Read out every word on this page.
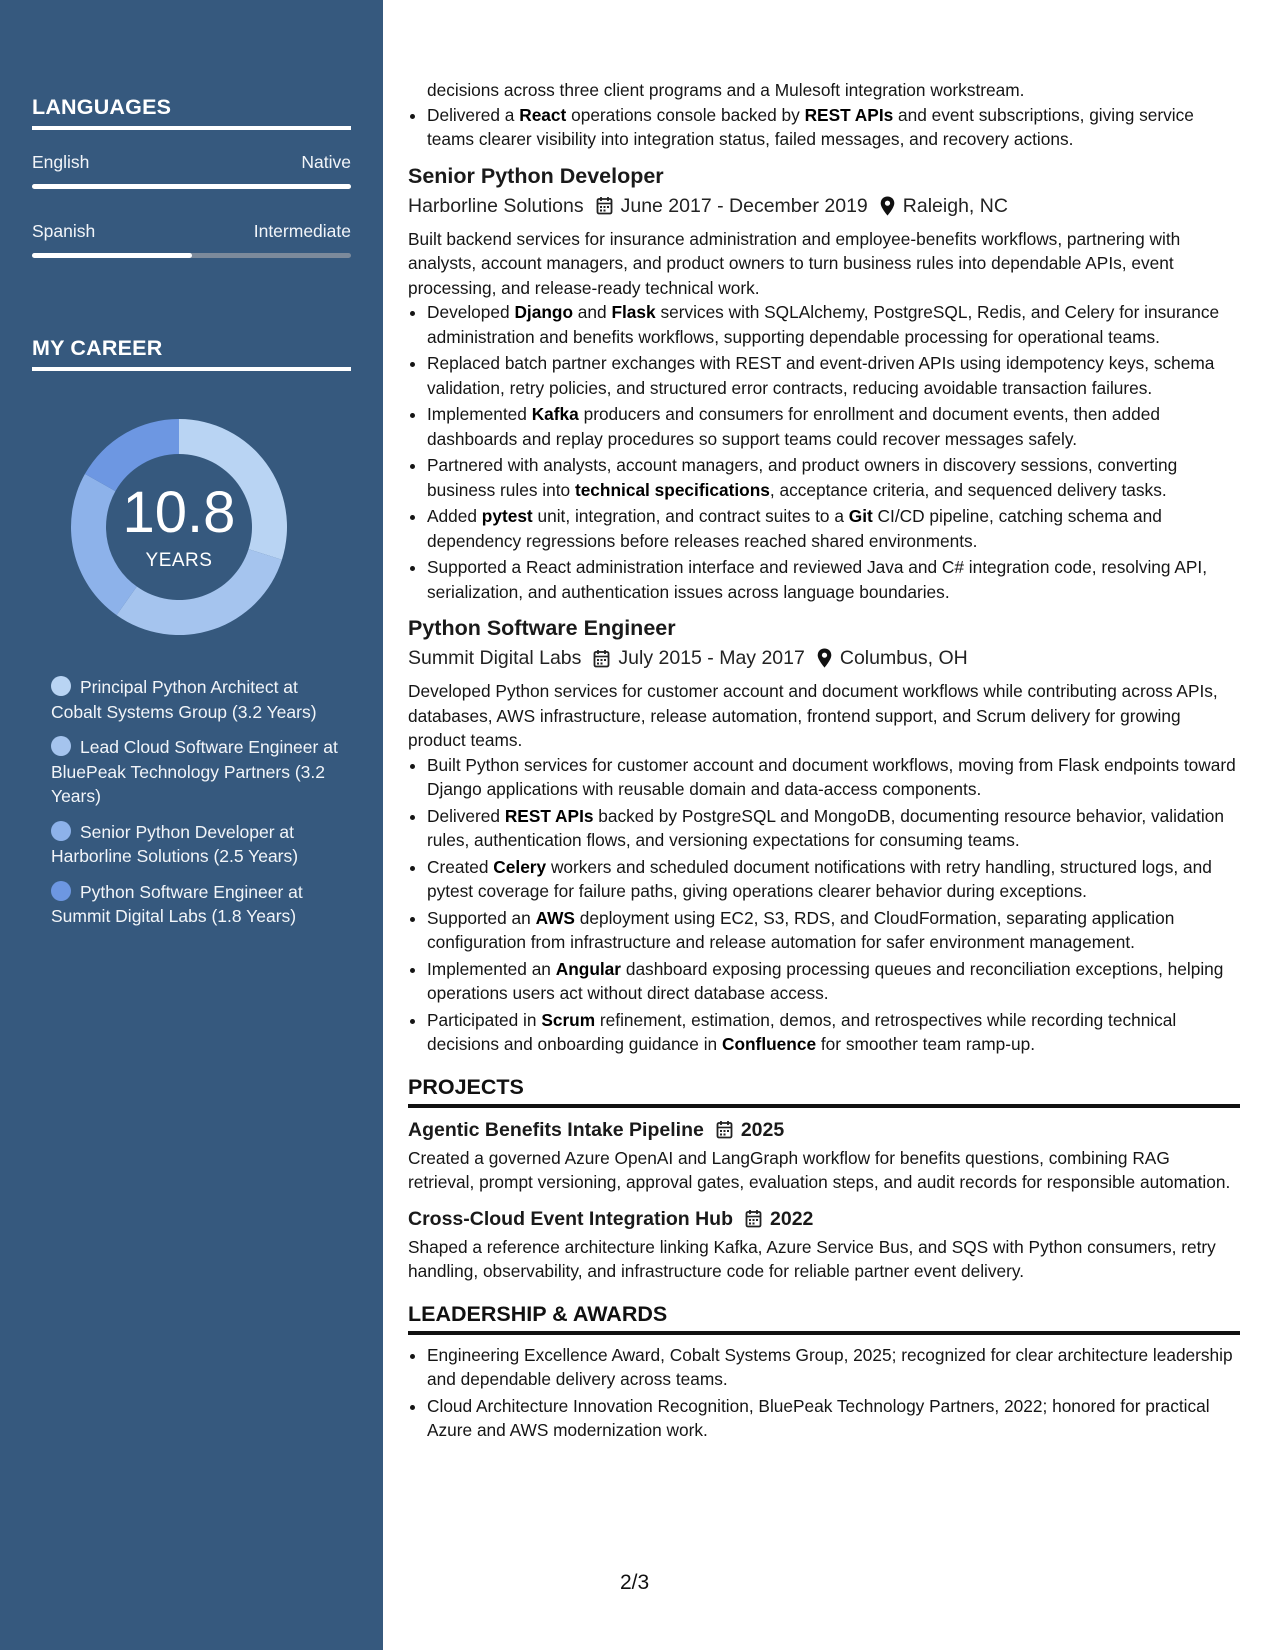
LANGUAGES
English	Native
Spanish	Intermediate
MY CAREER
10.8
YEARS
Principal Python Architect at Cobalt Systems Group (3.2 Years)
Lead Cloud Software Engineer at BluePeak Technology Partners (3.2 Years)
Senior Python Developer at Harborline Solutions (2.5 Years)
Python Software Engineer at Summit Digital Labs (1.8 Years)
decisions across three client programs and a Mulesoft integration workstream.
• Delivered a React operations console backed by REST APIs and event subscriptions, giving service teams clearer visibility into integration status, failed messages, and recovery actions.
Senior Python Developer
Harborline Solutions June 2017 - December 2019 Raleigh, NC
Built backend services for insurance administration and employee-benefits workflows, partnering with analysts, account managers, and product owners to turn business rules into dependable APIs, event processing, and release-ready technical work.
• Developed Django and Flask services with SQLAlchemy, PostgreSQL, Redis, and Celery for insurance administration and benefits workflows, supporting dependable processing for operational teams.
• Replaced batch partner exchanges with REST and event-driven APIs using idempotency keys, schema validation, retry policies, and structured error contracts, reducing avoidable transaction failures.
• Implemented Kafka producers and consumers for enrollment and document events, then added dashboards and replay procedures so support teams could recover messages safely.
• Partnered with analysts, account managers, and product owners in discovery sessions, converting business rules into technical specifications, acceptance criteria, and sequenced delivery tasks.
• Added pytest unit, integration, and contract suites to a Git CI/CD pipeline, catching schema and dependency regressions before releases reached shared environments.
• Supported a React administration interface and reviewed Java and C# integration code, resolving API, serialization, and authentication issues across language boundaries.
Python Software Engineer
Summit Digital Labs July 2015 - May 2017 Columbus, OH
Developed Python services for customer account and document workflows while contributing across APIs, databases, AWS infrastructure, release automation, frontend support, and Scrum delivery for growing product teams.
• Built Python services for customer account and document workflows, moving from Flask endpoints toward Django applications with reusable domain and data-access components.
• Delivered REST APIs backed by PostgreSQL and MongoDB, documenting resource behavior, validation rules, authentication flows, and versioning expectations for consuming teams.
• Created Celery workers and scheduled document notifications with retry handling, structured logs, and pytest coverage for failure paths, giving operations clearer behavior during exceptions.
• Supported an AWS deployment using EC2, S3, RDS, and CloudFormation, separating application configuration from infrastructure and release automation for safer environment management.
• Implemented an Angular dashboard exposing processing queues and reconciliation exceptions, helping operations users act without direct database access.
• Participated in Scrum refinement, estimation, demos, and retrospectives while recording technical decisions and onboarding guidance in Confluence for smoother team ramp-up.
PROJECTS
Agentic Benefits Intake Pipeline 2025
Created a governed Azure OpenAI and LangGraph workflow for benefits questions, combining RAG retrieval, prompt versioning, approval gates, evaluation steps, and audit records for responsible automation.
Cross-Cloud Event Integration Hub 2022
Shaped a reference architecture linking Kafka, Azure Service Bus, and SQS with Python consumers, retry handling, observability, and infrastructure code for reliable partner event delivery.
LEADERSHIP & AWARDS
• Engineering Excellence Award, Cobalt Systems Group, 2025; recognized for clear architecture leadership and dependable delivery across teams.
• Cloud Architecture Innovation Recognition, BluePeak Technology Partners, 2022; honored for practical Azure and AWS modernization work.
2/3
